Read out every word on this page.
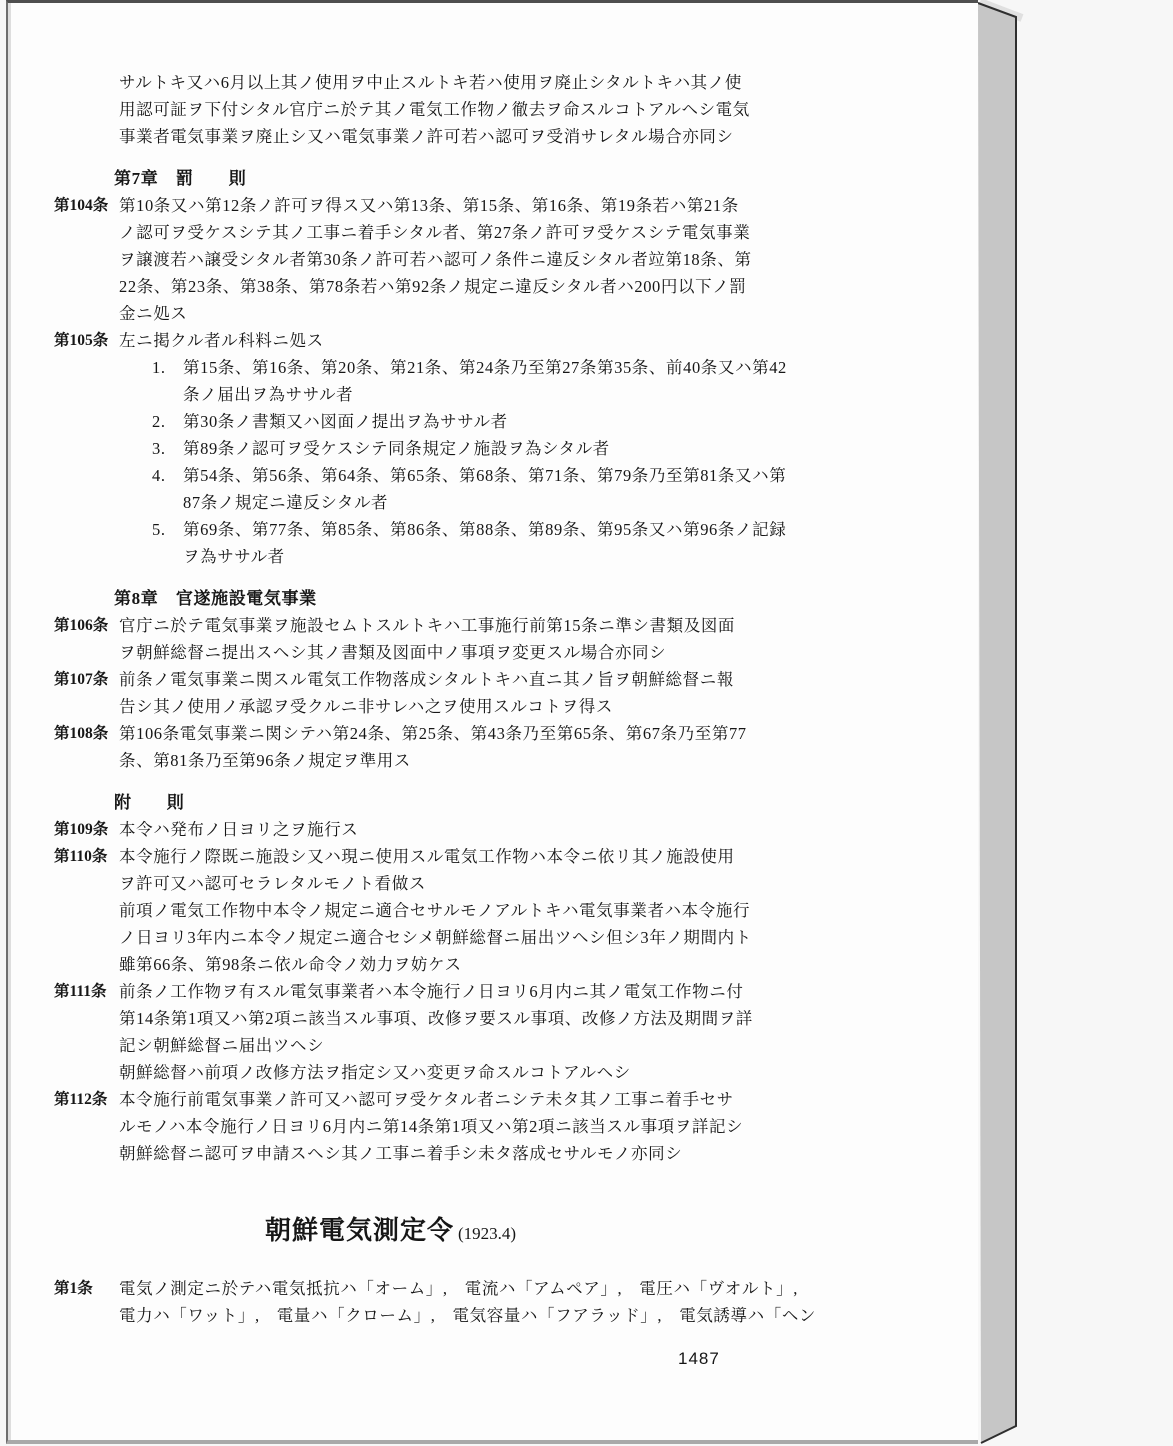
サルトキ又ハ6月以上其ノ使用ヲ中止スルトキ若ハ使用ヲ廃止シタルトキハ其ノ使
用認可証ヲ下付シタル官庁ニ於テ其ノ電気工作物ノ徹去ヲ命スルコトアルヘシ電気
事業者電気事業ヲ廃止シ又ハ電気事業ノ許可若ハ認可ヲ受消サレタル場合亦同シ
第7章　罰　　則
第104条 第10条又ハ第12条ノ許可ヲ得ス又ハ第13条、第15条、第16条、第19条若ハ第21条
ノ認可ヲ受ケスシテ其ノ工事ニ着手シタル者、第27条ノ許可ヲ受ケスシテ電気事業
ヲ譲渡若ハ譲受シタル者第30条ノ許可若ハ認可ノ条件ニ違反シタル者竝第18条、第
22条、第23条、第38条、第78条若ハ第92条ノ規定ニ違反シタル者ハ200円以下ノ罰
金ニ処ス
第105条 左ニ掲クル者ル科料ニ処ス
1.	第15条、第16条、第20条、第21条、第24条乃至第27条第35条、前40条又ハ第42
条ノ届出ヲ為ササル者
2.	第30条ノ書類又ハ図面ノ提出ヲ為ササル者
3.	第89条ノ認可ヲ受ケスシテ同条規定ノ施設ヲ為シタル者
4.	第54条、第56条、第64条、第65条、第68条、第71条、第79条乃至第81条又ハ第
87条ノ規定ニ違反シタル者
5.	第69条、第77条、第85条、第86条、第88条、第89条、第95条又ハ第96条ノ記録
ヲ為ササル者
第8章　官遂施設電気事業
第106条 官庁ニ於テ電気事業ヲ施設セムトスルトキハ工事施行前第15条ニ準シ書類及図面
ヲ朝鮮総督ニ提出スヘシ其ノ書類及図面中ノ事項ヲ変更スル場合亦同シ
第107条 前条ノ電気事業ニ関スル電気工作物落成シタルトキハ直ニ其ノ旨ヲ朝鮮総督ニ報
告シ其ノ使用ノ承認ヲ受クルニ非サレハ之ヲ使用スルコトヲ得ス
第108条 第106条電気事業ニ関シテハ第24条、第25条、第43条乃至第65条、第67条乃至第77
条、第81条乃至第96条ノ規定ヲ準用ス
附　　則
第109条 本令ハ発布ノ日ヨリ之ヲ施行ス
第110条 本令施行ノ際既ニ施設シ又ハ現ニ使用スル電気工作物ハ本令ニ依リ其ノ施設使用
ヲ許可又ハ認可セラレタルモノト看做ス
前項ノ電気工作物中本令ノ規定ニ適合セサルモノアルトキハ電気事業者ハ本令施行
ノ日ヨリ3年内ニ本令ノ規定ニ適合セシメ朝鮮総督ニ届出ツヘシ但シ3年ノ期間内ト
雖第66条、第98条ニ依ル命令ノ効力ヲ妨ケス
第111条 前条ノ工作物ヲ有スル電気事業者ハ本令施行ノ日ヨリ6月内ニ其ノ電気工作物ニ付
第14条第1項又ハ第2項ニ該当スル事項、改修ヲ要スル事項、改修ノ方法及期間ヲ詳
記シ朝鮮総督ニ届出ツヘシ
朝鮮総督ハ前項ノ改修方法ヲ指定シ又ハ変更ヲ命スルコトアルヘシ
第112条 本令施行前電気事業ノ許可又ハ認可ヲ受ケタル者ニシテ未タ其ノ工事ニ着手セサ
ルモノハ本令施行ノ日ヨリ6月内ニ第14条第1項又ハ第2項ニ該当スル事項ヲ詳記シ
朝鮮総督ニ認可ヲ申請スヘシ其ノ工事ニ着手シ未タ落成セサルモノ亦同シ
朝鮮電気測定令 (1923.4)
第1条	電気ノ測定ニ於テハ電気抵抗ハ「オーム」,　電流ハ「アムペア」,　電圧ハ「ヴオルト」,
電力ハ「ワット」,　電量ハ「クローム」,　電気容量ハ「フアラッド」,　電気誘導ハ「ヘン
1487
